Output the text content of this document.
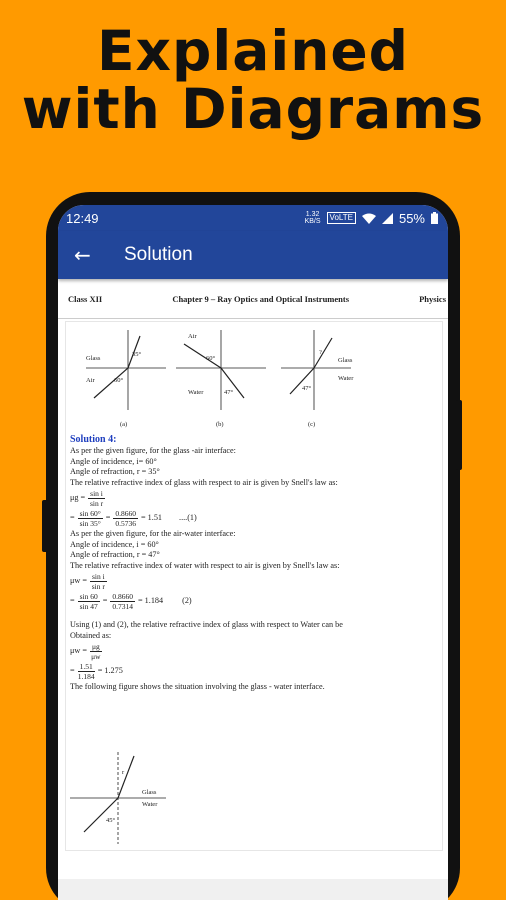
Explained
with Diagrams
12:49	1.32
KB/S	VoLTE	55%
←	Solution
Class XII	Chapter 9 – Ray Optics and Optical Instruments	Physics
Glass
Air
35°
60°
(a)
Air
Water
60°
47°
(b)
Glass
Water
?
47°
(c)

Solution 4:

As per the given figure, for the glass -air interface:

Angle of incidence, i= 60°

Angle of refraction, r = 35°

The relative refractive index of glass with respect to air is given by Snell's law as:

$\mu g = \frac{\text{sin i}}{\text{sin r}}$
= $\frac{\sin 60^\circ}{\sin 35^\circ} = \frac{0.8660}{0.5736} = 1.51$ ....(1)

As per the given figure, for the air-water interface:

Angle of incidence, i = 60°

Angle of refraction, r = 47°

The relative refractive index of water with respect to air is given by Snell's law as:

$\mu w = \frac{\text{sin i}}{\text{sin r}}$
= $\frac{\sin 60}{\sin 47} = \frac{0.8660}{0.7314} = 1.184$ (2)

Using (1) and (2), the relative refractive index of glass with respect to Water can be

Obtained as:

$\mu w = \frac{\mu g}{\mu w}$
= $\frac{1.51}{1.184} = 1.275$

The following figure shows the situation involving the glass - water interface.

Glass
Water
r
45°
